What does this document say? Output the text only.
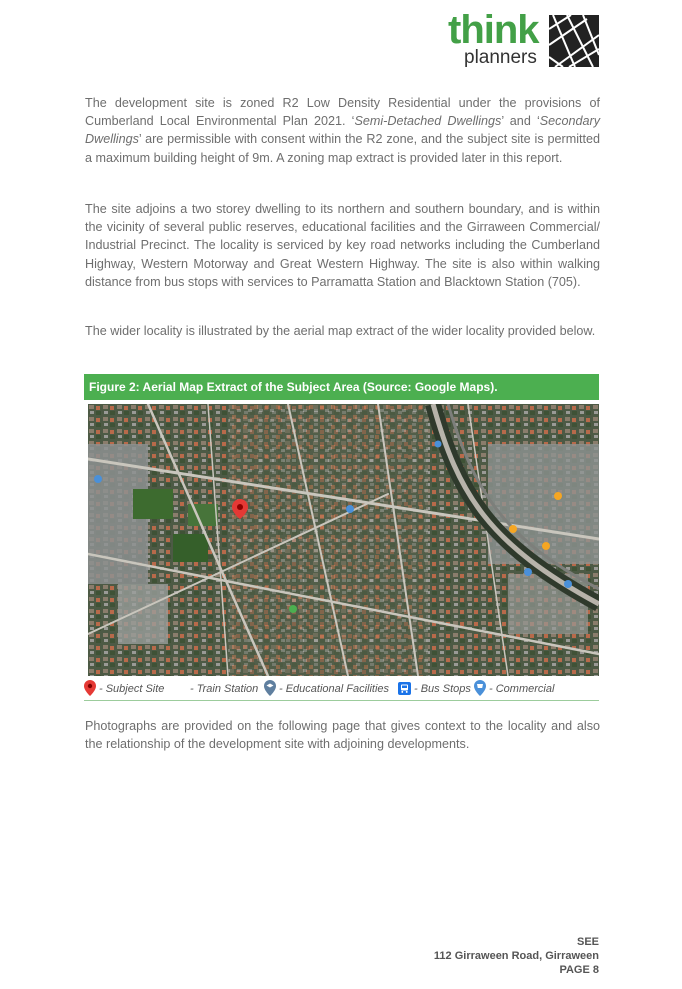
think
planners
The development site is zoned R2 Low Density Residential under the provisions of Cumberland Local Environmental Plan 2021. ‘Semi-Detached Dwellings’ and ‘Secondary Dwellings’ are permissible with consent within the R2 zone, and the subject site is permitted a maximum building height of 9m. A zoning map extract is provided later in this report.
The site adjoins a two storey dwelling to its northern and southern boundary, and is within the vicinity of several public reserves, educational facilities and the Girraween Commercial/ Industrial Precinct. The locality is serviced by key road networks including the Cumberland Highway, Western Motorway and Great Western Highway. The site is also within walking distance from bus stops with services to Parramatta Station and Blacktown Station (705).
The wider locality is illustrated by the aerial map extract of the wider locality provided below.
Figure 2: Aerial Map Extract of the Subject Area (Source: Google Maps).
- Subject Site - Train Station - Educational Facilities - Bus Stops - Commercial
Photographs are provided on the following page that gives context to the locality and also the relationship of the development site with adjoining developments.
SEE
112 Girraween Road, Girraween
PAGE 8
